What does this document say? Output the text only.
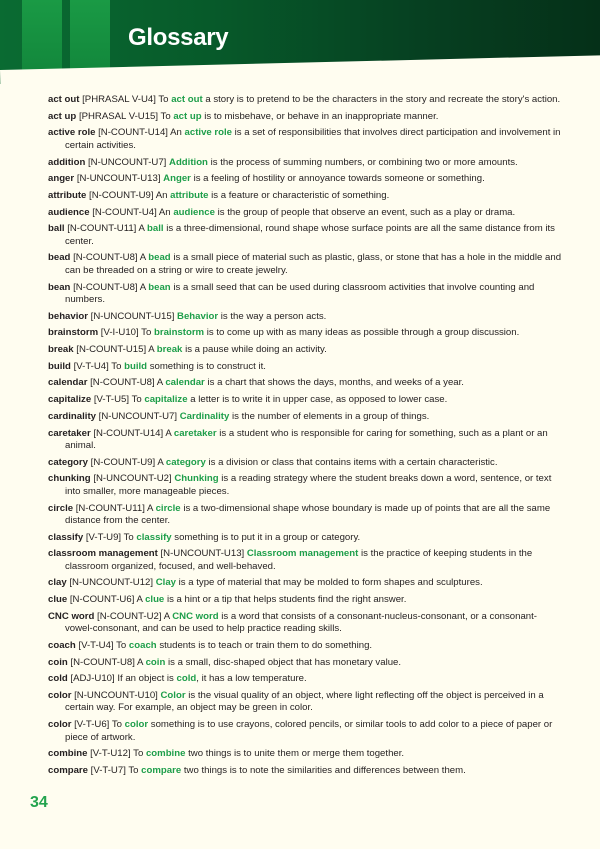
Glossary
act out [PHRASAL V-U4] To act out a story is to pretend to be the characters in the story and recreate the story's action.
act up [PHRASAL V-U15] To act up is to misbehave, or behave in an inappropriate manner.
active role [N-COUNT-U14] An active role is a set of responsibilities that involves direct participation and involvement in certain activities.
addition [N-UNCOUNT-U7] Addition is the process of summing numbers, or combining two or more amounts.
anger [N-UNCOUNT-U13] Anger is a feeling of hostility or annoyance towards someone or something.
attribute [N-COUNT-U9] An attribute is a feature or characteristic of something.
audience [N-COUNT-U4] An audience is the group of people that observe an event, such as a play or drama.
ball [N-COUNT-U11] A ball is a three-dimensional, round shape whose surface points are all the same distance from its center.
bead [N-COUNT-U8] A bead is a small piece of material such as plastic, glass, or stone that has a hole in the middle and can be threaded on a string or wire to create jewelry.
bean [N-COUNT-U8] A bean is a small seed that can be used during classroom activities that involve counting and numbers.
behavior [N-UNCOUNT-U15] Behavior is the way a person acts.
brainstorm [V-I-U10] To brainstorm is to come up with as many ideas as possible through a group discussion.
break [N-COUNT-U15] A break is a pause while doing an activity.
build [V-T-U4] To build something is to construct it.
calendar [N-COUNT-U8] A calendar is a chart that shows the days, months, and weeks of a year.
capitalize [V-T-U5] To capitalize a letter is to write it in upper case, as opposed to lower case.
cardinality [N-UNCOUNT-U7] Cardinality is the number of elements in a group of things.
caretaker [N-COUNT-U14] A caretaker is a student who is responsible for caring for something, such as a plant or an animal.
category [N-COUNT-U9] A category is a division or class that contains items with a certain characteristic.
chunking [N-UNCOUNT-U2] Chunking is a reading strategy where the student breaks down a word, sentence, or text into smaller, more manageable pieces.
circle [N-COUNT-U11] A circle is a two-dimensional shape whose boundary is made up of points that are all the same distance from the center.
classify [V-T-U9] To classify something is to put it in a group or category.
classroom management [N-UNCOUNT-U13] Classroom management is the practice of keeping students in the classroom organized, focused, and well-behaved.
clay [N-UNCOUNT-U12] Clay is a type of material that may be molded to form shapes and sculptures.
clue [N-COUNT-U6] A clue is a hint or a tip that helps students find the right answer.
CNC word [N-COUNT-U2] A CNC word is a word that consists of a consonant-nucleus-consonant, or a consonant-vowel-consonant, and can be used to help practice reading skills.
coach [V-T-U4] To coach students is to teach or train them to do something.
coin [N-COUNT-U8] A coin is a small, disc-shaped object that has monetary value.
cold [ADJ-U10] If an object is cold, it has a low temperature.
color [N-UNCOUNT-U10] Color is the visual quality of an object, where light reflecting off the object is perceived in a certain way. For example, an object may be green in color.
color [V-T-U6] To color something is to use crayons, colored pencils, or similar tools to add color to a piece of paper or piece of artwork.
combine [V-T-U12] To combine two things is to unite them or merge them together.
compare [V-T-U7] To compare two things is to note the similarities and differences between them.
34
